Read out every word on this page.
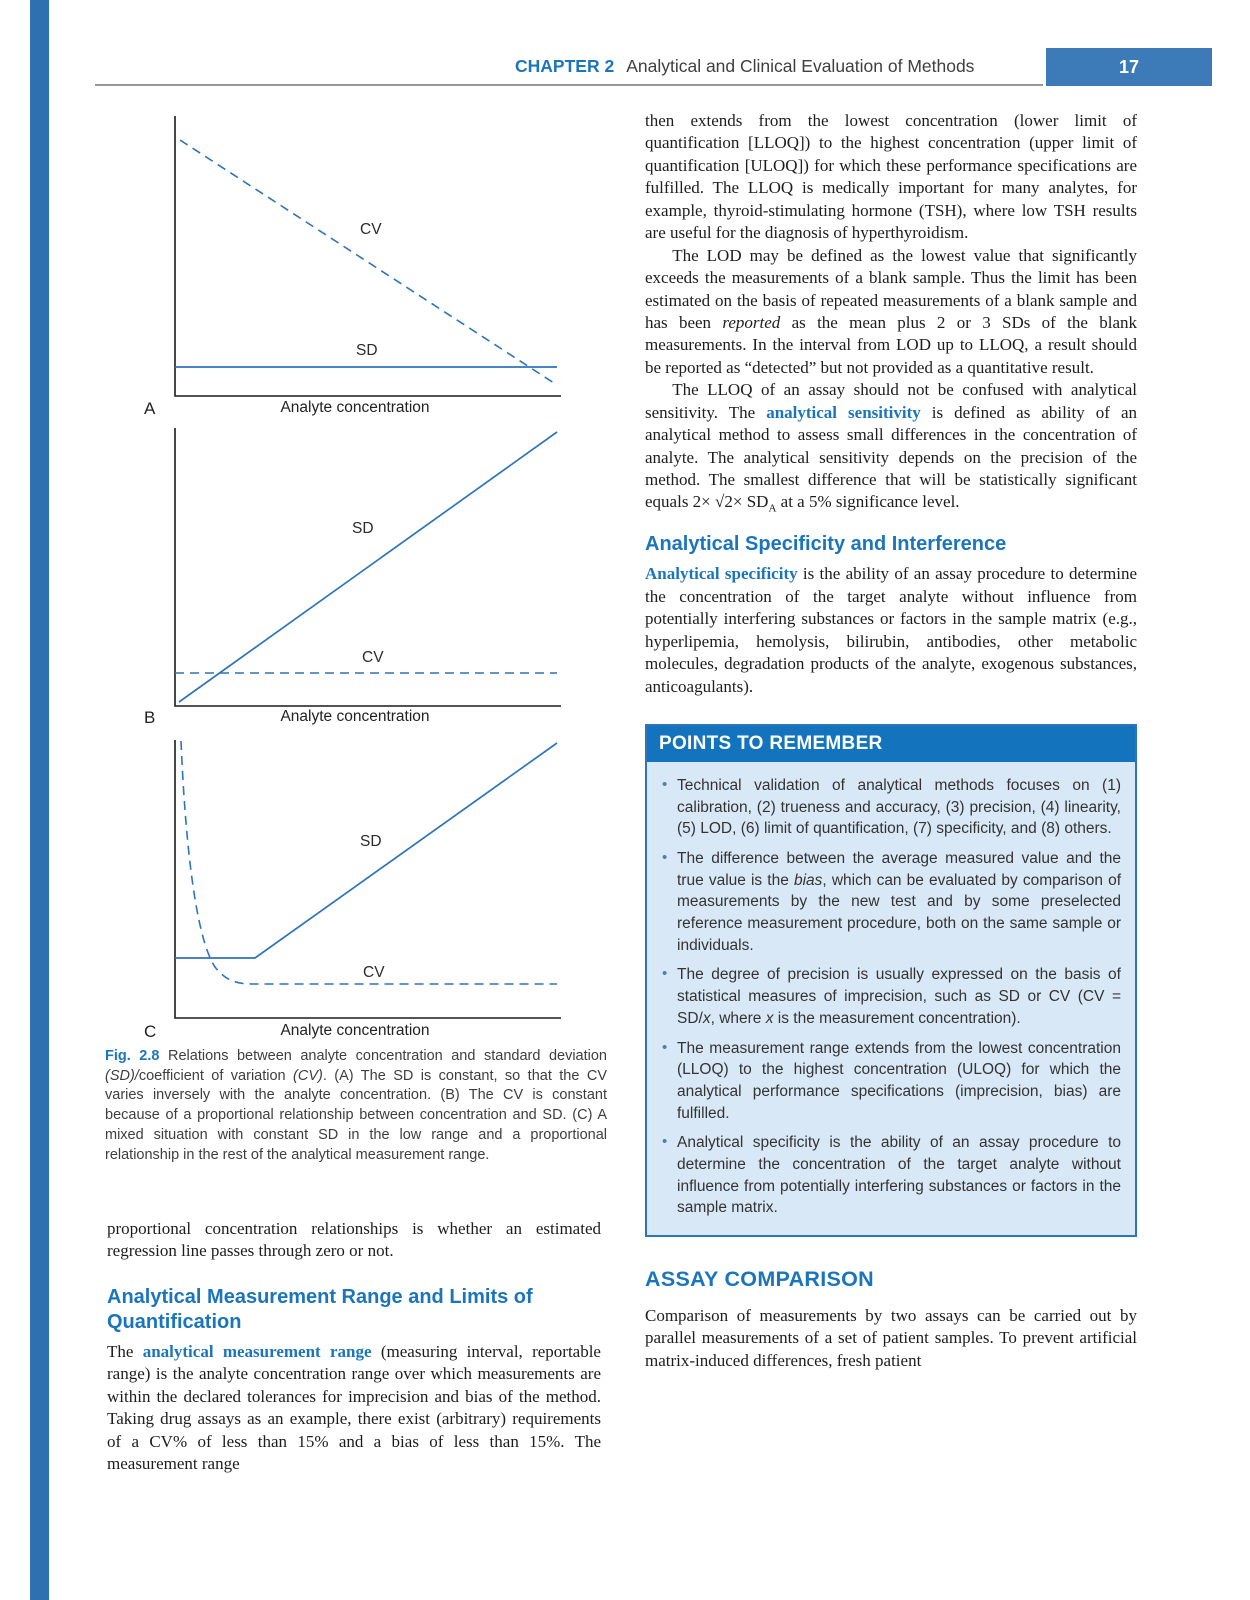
CHAPTER 2 Analytical and Clinical Evaluation of Methods	17
CV
SD
A	Analyte concentration
SD
CV
B	Analyte concentration
SD
CV
C	Analyte concentration
Fig. 2.8 Relations between analyte concentration and standard deviation (SD)/coefficient of variation (CV). (A) The SD is constant, so that the CV varies inversely with the analyte concentration. (B) The CV is constant because of a proportional relationship between concentration and SD. (C) A mixed situation with constant SD in the low range and a proportional relationship in the rest of the analytical measurement range.

proportional concentration relationships is whether an estimated regression line passes through zero or not.

Analytical Measurement Range and Limits of Quantification

The analytical measurement range (measuring interval, reportable range) is the analyte concentration range over which measurements are within the declared tolerances for imprecision and bias of the method. Taking drug assays as an example, there exist (arbitrary) requirements of a CV% of less than 15% and a bias of less than 15%. The measurement range

then extends from the lowest concentration (lower limit of quantification [LLOQ]) to the highest concentration (upper limit of quantification [ULOQ]) for which these performance specifications are fulfilled. The LLOQ is medically important for many analytes, for example, thyroid-stimulating hormone (TSH), where low TSH results are useful for the diagnosis of hyperthyroidism.

The LOD may be defined as the lowest value that significantly exceeds the measurements of a blank sample. Thus the limit has been estimated on the basis of repeated measurements of a blank sample and has been reported as the mean plus 2 or 3 SDs of the blank measurements. In the interval from LOD up to LLOQ, a result should be reported as “detected” but not provided as a quantitative result.

The LLOQ of an assay should not be confused with analytical sensitivity. The analytical sensitivity is defined as ability of an analytical method to assess small differences in the concentration of analyte. The analytical sensitivity depends on the precision of the method. The smallest difference that will be statistically significant equals $2\times √2\times SD_A$ at a 5% significance level.

Analytical Specificity and Interference

Analytical specificity is the ability of an assay procedure to determine the concentration of the target analyte without influence from potentially interfering substances or factors in the sample matrix (e.g., hyperlipemia, hemolysis, bilirubin, antibodies, other metabolic molecules, degradation products of the analyte, exogenous substances, anticoagulants).

POINTS TO REMEMBER
• Technical validation of analytical methods focuses on (1) calibration, (2) trueness and accuracy, (3) precision, (4) linearity, (5) LOD, (6) limit of quantification, (7) specificity, and (8) others.
• The difference between the average measured value and the true value is the bias, which can be evaluated by comparison of measurements by the new test and by some preselected reference measurement procedure, both on the same sample or individuals.
• The degree of precision is usually expressed on the basis of statistical measures of imprecision, such as SD or CV (CV = SD/x, where x is the measurement concentration).
• The measurement range extends from the lowest concentration (LLOQ) to the highest concentration (ULOQ) for which the analytical performance specifications (imprecision, bias) are fulfilled.
• Analytical specificity is the ability of an assay procedure to determine the concentration of the target analyte without influence from potentially interfering substances or factors in the sample matrix.
ASSAY COMPARISON

Comparison of measurements by two assays can be carried out by parallel measurements of a set of patient samples. To prevent artificial matrix-induced differences, fresh patient
